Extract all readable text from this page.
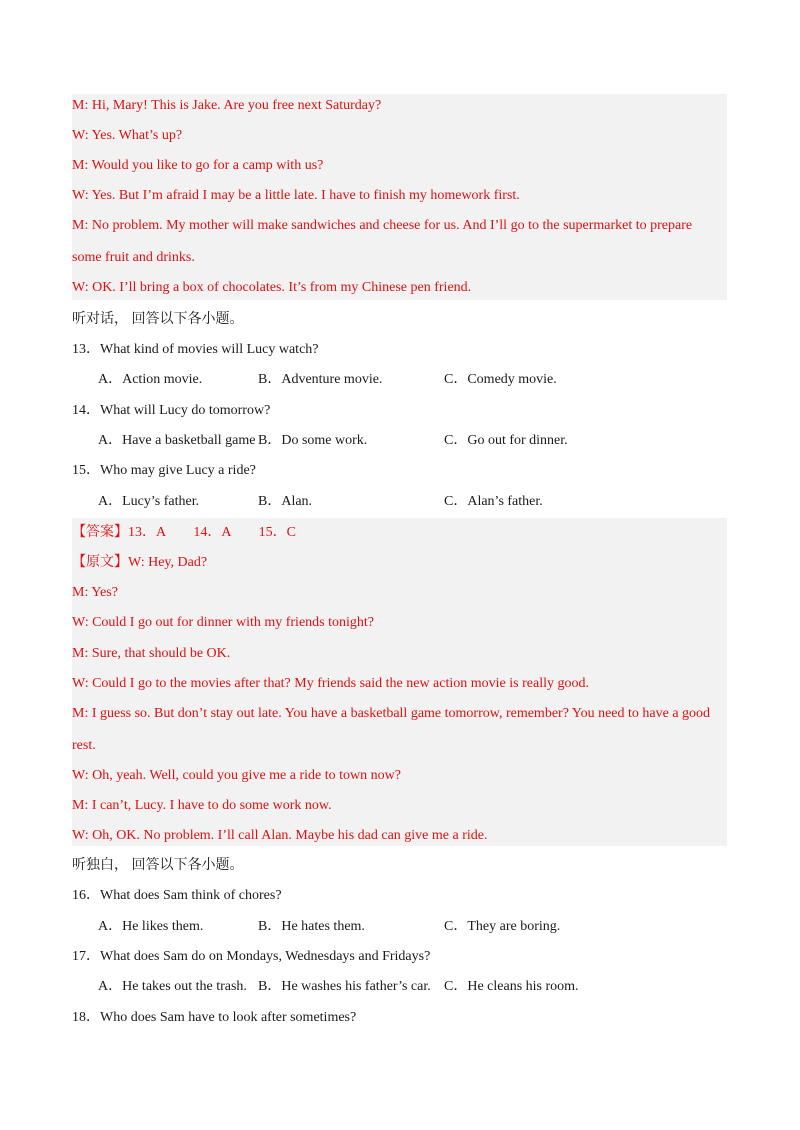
M: Hi, Mary! This is Jake. Are you free next Saturday?
W: Yes. What’s up?
M: Would you like to go for a camp with us?
W: Yes. But I’m afraid I may be a little late. I have to finish my homework first.
M: No problem. My mother will make sandwiches and cheese for us. And I’ll go to the supermarket to prepare
some fruit and drinks.
W: OK. I’ll bring a box of chocolates. It’s from my Chinese pen friend.
听对话， 回答以下各小题。
13．What kind of movies will Lucy watch?
A．Action movie.	B．Adventure movie.	C．Comedy movie.
14．What will Lucy do tomorrow?
A．Have a basketball game B．Do some work.	C．Go out for dinner.
15．Who may give Lucy a ride?
A．Lucy’s father.	B．Alan.	C．Alan’s father.
【答案】13．A　　14．A　　15．C
【原文】W: Hey, Dad?
M: Yes?
W: Could I go out for dinner with my friends tonight?
M: Sure, that should be OK.
W: Could I go to the movies after that? My friends said the new action movie is really good.
M: I guess so. But don’t stay out late. You have a basketball game tomorrow, remember? You need to have a good
rest.
W: Oh, yeah. Well, could you give me a ride to town now?
M: I can’t, Lucy. I have to do some work now.
W: Oh, OK. No problem. I’ll call Alan. Maybe his dad can give me a ride.
听独白， 回答以下各小题。
16．What does Sam think of chores?
A．He likes them.	B．He hates them.	C．They are boring.
17．What does Sam do on Mondays, Wednesdays and Fridays?
A．He takes out the trash. B．He washes his father’s car. C．He cleans his room.
18．Who does Sam have to look after sometimes?
